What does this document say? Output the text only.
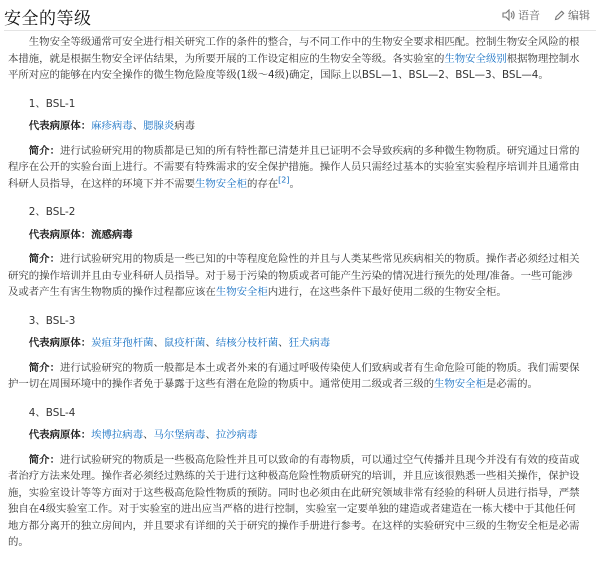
安全的等级	语音	编辑

生物安全等级通常可安全进行相关研究工作的条件的整合，与不同工作中的生物安全要求相匹配。控制生物安全风险的根本措施，就是根据生物安全评估结果，为所要开展的工作设定相应的生物安全等级。各实验室的生物安全级别根据物理控制水平所对应的能够在内安全操作的微生物危险度等级(1级～4级)确定，国际上以BSL—1、BSL—2、BSL—3、BSL—4。

1、BSL-1

代表病原体：麻疹病毒、腮腺炎病毒

简介：进行试验研究用的物质都是已知的所有特性都已清楚并且已证明不会导致疾病的多种微生物物质。研究通过日常的程序在公开的实验台面上进行。不需要有特殊需求的安全保护措施。操作人员只需经过基本的实验室实验程序培训并且通常由科研人员指导，在这样的环境下并不需要生物安全柜的存在[2]。

2、BSL-2

代表病原体：流感病毒

简介：进行试验研究用的物质是一些已知的中等程度危险性的并且与人类某些常见疾病相关的物质。操作者必须经过相关研究的操作培训并且由专业科研人员指导。对于易于污染的物质或者可能产生污染的情况进行预先的处理/准备。一些可能涉及或者产生有害生物物质的操作过程都应该在生物安全柜内进行，在这些条件下最好使用二级的生物安全柜。

3、BSL-3

代表病原体：炭疽芽孢杆菌、鼠疫杆菌、结核分枝杆菌、狂犬病毒

简介：进行试验研究的物质一般都是本土或者外来的有通过呼吸传染使人们致病或者有生命危险可能的物质。我们需要保护一切在周围环境中的操作者免于暴露于这些有潜在危险的物质中。通常使用二级或者三级的生物安全柜是必需的。

4、BSL-4

代表病原体：埃博拉病毒、马尔堡病毒、拉沙病毒

简介：进行试验研究的物质是一些极高危险性并且可以致命的有毒物质，可以通过空气传播并且现今并没有有效的疫苗或者治疗方法来处理。操作者必须经过熟练的关于进行这种极高危险性物质研究的培训，并且应该很熟悉一些相关操作，保护设施，实验室设计等等方面对于这些极高危险性物质的预防。同时也必须由在此研究领域非常有经验的科研人员进行指导，严禁独自在4级实验室工作。对于实验室的进出应当严格的进行控制，实验室一定要单独的建造或者建造在一栋大楼中于其他任何地方都分离开的独立房间内，并且要求有详细的关于研究的操作手册进行参考。在这样的实验研究中三级的生物安全柜是必需的。
